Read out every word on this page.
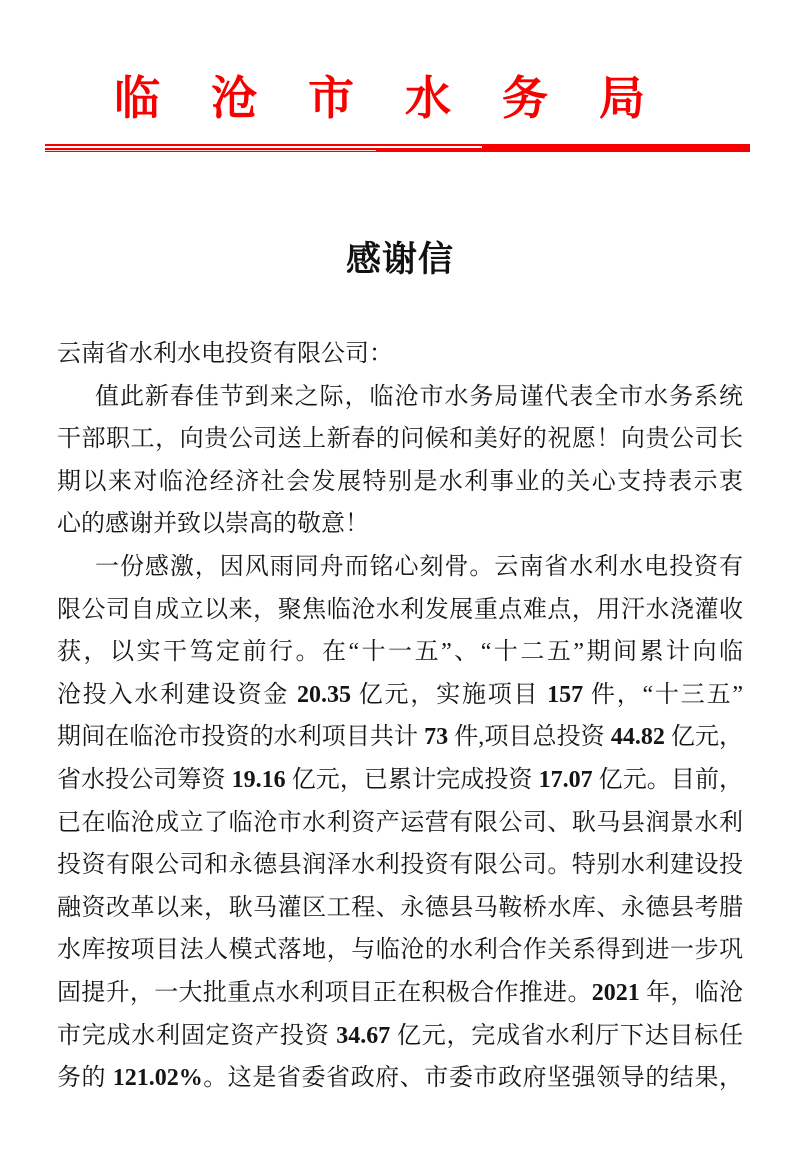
临沧市水务局
感谢信
云南省水利水电投资有限公司：
值此新春佳节到来之际，临沧市水务局谨代表全市水务系统
干部职工，向贵公司送上新春的问候和美好的祝愿！向贵公司长
期以来对临沧经济社会发展特别是水利事业的关心支持表示衷
心的感谢并致以崇高的敬意！
一份感激，因风雨同舟而铭心刻骨。云南省水利水电投资有
限公司自成立以来，聚焦临沧水利发展重点难点，用汗水浇灌收
获，以实干笃定前行。在“十一五”、“十二五”期间累计向临
沧投入水利建设资金 20.35 亿元，实施项目 157 件，“十三五”
期间在临沧市投资的水利项目共计 73 件,项目总投资 44.82 亿元，
省水投公司筹资 19.16 亿元，已累计完成投资 17.07 亿元。目前，
已在临沧成立了临沧市水利资产运营有限公司、耿马县润景水利
投资有限公司和永德县润泽水利投资有限公司。特别水利建设投
融资改革以来，耿马灌区工程、永德县马鞍桥水库、永德县考腊
水库按项目法人模式落地，与临沧的水利合作关系得到进一步巩
固提升，一大批重点水利项目正在积极合作推进。2021 年，临沧
市完成水利固定资产投资 34.67 亿元，完成省水利厅下达目标任
务的 121.02%。这是省委省政府、市委市政府坚强领导的结果，
